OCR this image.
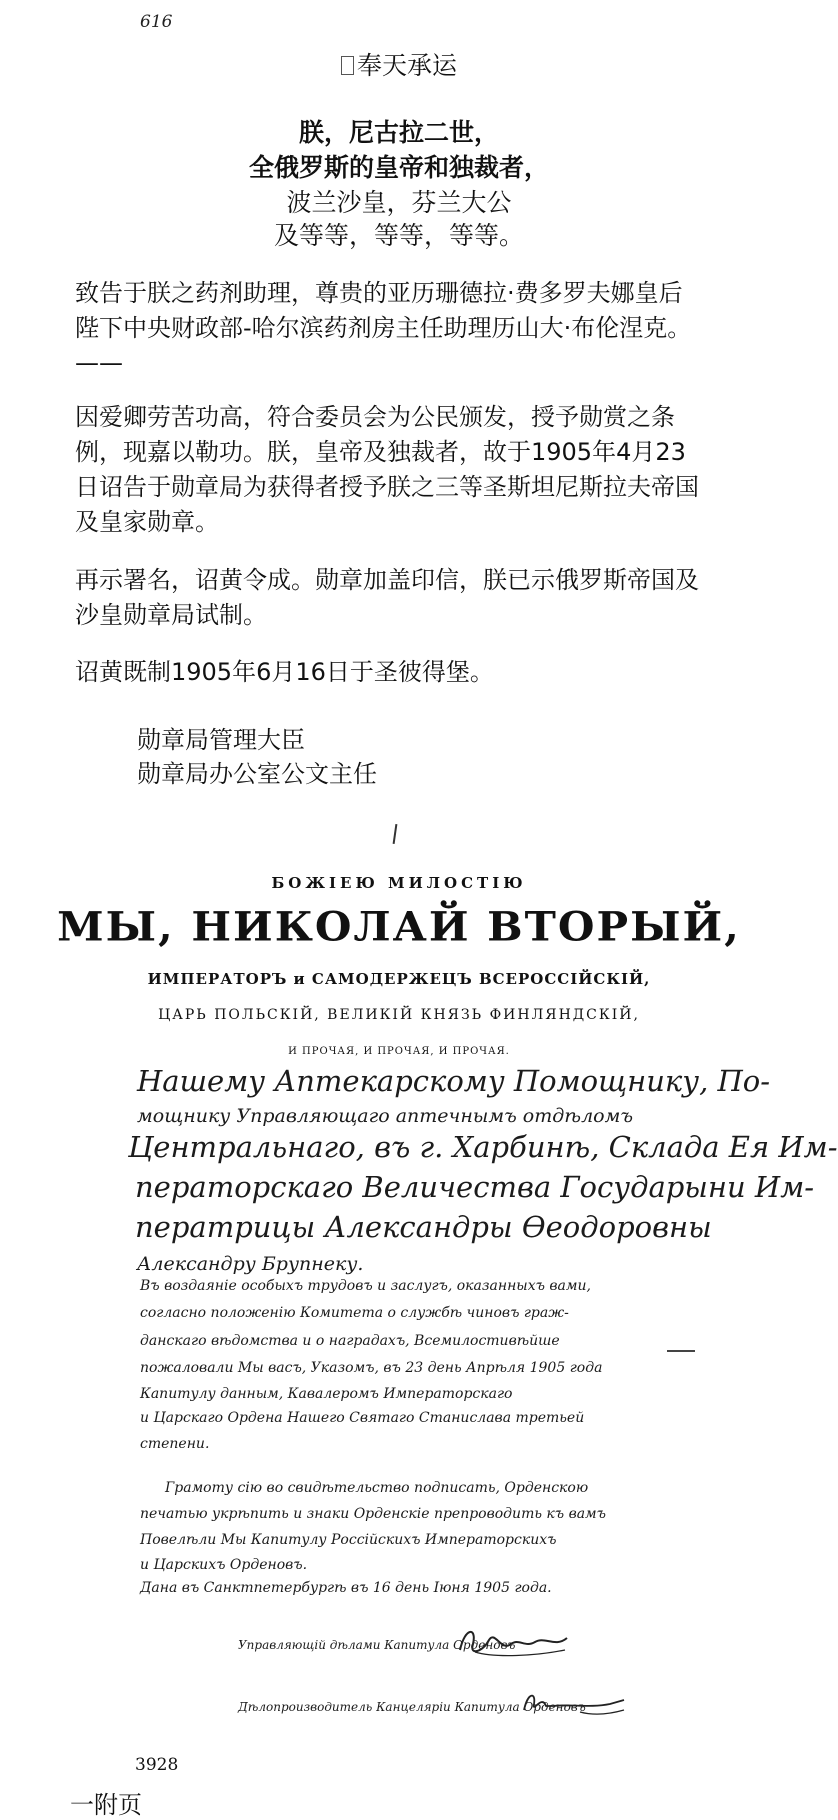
616
奉天承运
朕，尼古拉二世，
全俄罗斯的皇帝和独裁者，
波兰沙皇，芬兰大公
及等等，等等，等等。
致告于朕之药剂助理，尊贵的亚历珊德拉·费多罗夫娜皇后陛下中央财政部-哈尔滨药剂房主任助理历山大·布伦涅克。——
因爱卿劳苦功高，符合委员会为公民颁发，授予勋赏之条例，现嘉以勒功。朕，皇帝及独裁者，故于1905年4月23日诏告于勋章局为获得者授予朕之三等圣斯坦尼斯拉夫帝国及皇家勋章。
再示署名，诏黄令成。勋章加盖印信，朕已示俄罗斯帝国及沙皇勋章局试制。
诏黄既制1905年6月16日于圣彼得堡。
勋章局管理大臣
勋章局办公室公文主任
БОЖІЕЮ МИЛОСТІЮ
МЫ, НИКОЛАЙ ВТОРЫЙ,
ИМПЕРАТОРЪ и САМОДЕРЖЕЦЪ ВСЕРОССІЙСКІЙ,
ЦАРЬ ПОЛЬСКІЙ, ВЕЛИКІЙ КНЯЗЬ ФИНЛЯНДСКІЙ,
И ПРОЧАЯ, И ПРОЧАЯ, И ПРОЧАЯ.
Нашему Аптекарскому Помощнику, По-
мощнику Управляющаго аптечнымъ отдѣломъ
Центральнаго, въ г. Харбинѣ, Склада Ея Им-
ператорскаго Величества Государыни Им-
ператрицы Александры Ѳеодоровны
Александру Брупнеку.
Въ воздаяніе особыхъ трудовъ и заслугъ, оказанныхъ вами,
согласно положенію Комитета о службѣ чиновъ граж-
данскаго вѣдомства и о наградахъ, Всемилостивѣйше
пожаловали Мы васъ, Указомъ, въ 23 день Апрѣля 1905 года
Капитулу данным, Кавалеромъ Императорскаго
и Царскаго Ордена Нашего Святаго Станислава третьей
степени.
Грамоту сію во свидѣтельство подписать, Орденскою
печатью укрѣпить и знаки Орденскіе препроводить къ вамъ
Повелѣли Мы Капитулу Россійскихъ Императорскихъ
и Царскихъ Орденовъ.
Дана въ Санктпетербургѣ въ 16 день Іюня 1905 года.
Управляющій дѣлами Капитула Орденовъ
Дѣлопроизводитель Канцеляріи Капитула Орденовъ
3928
一附页
